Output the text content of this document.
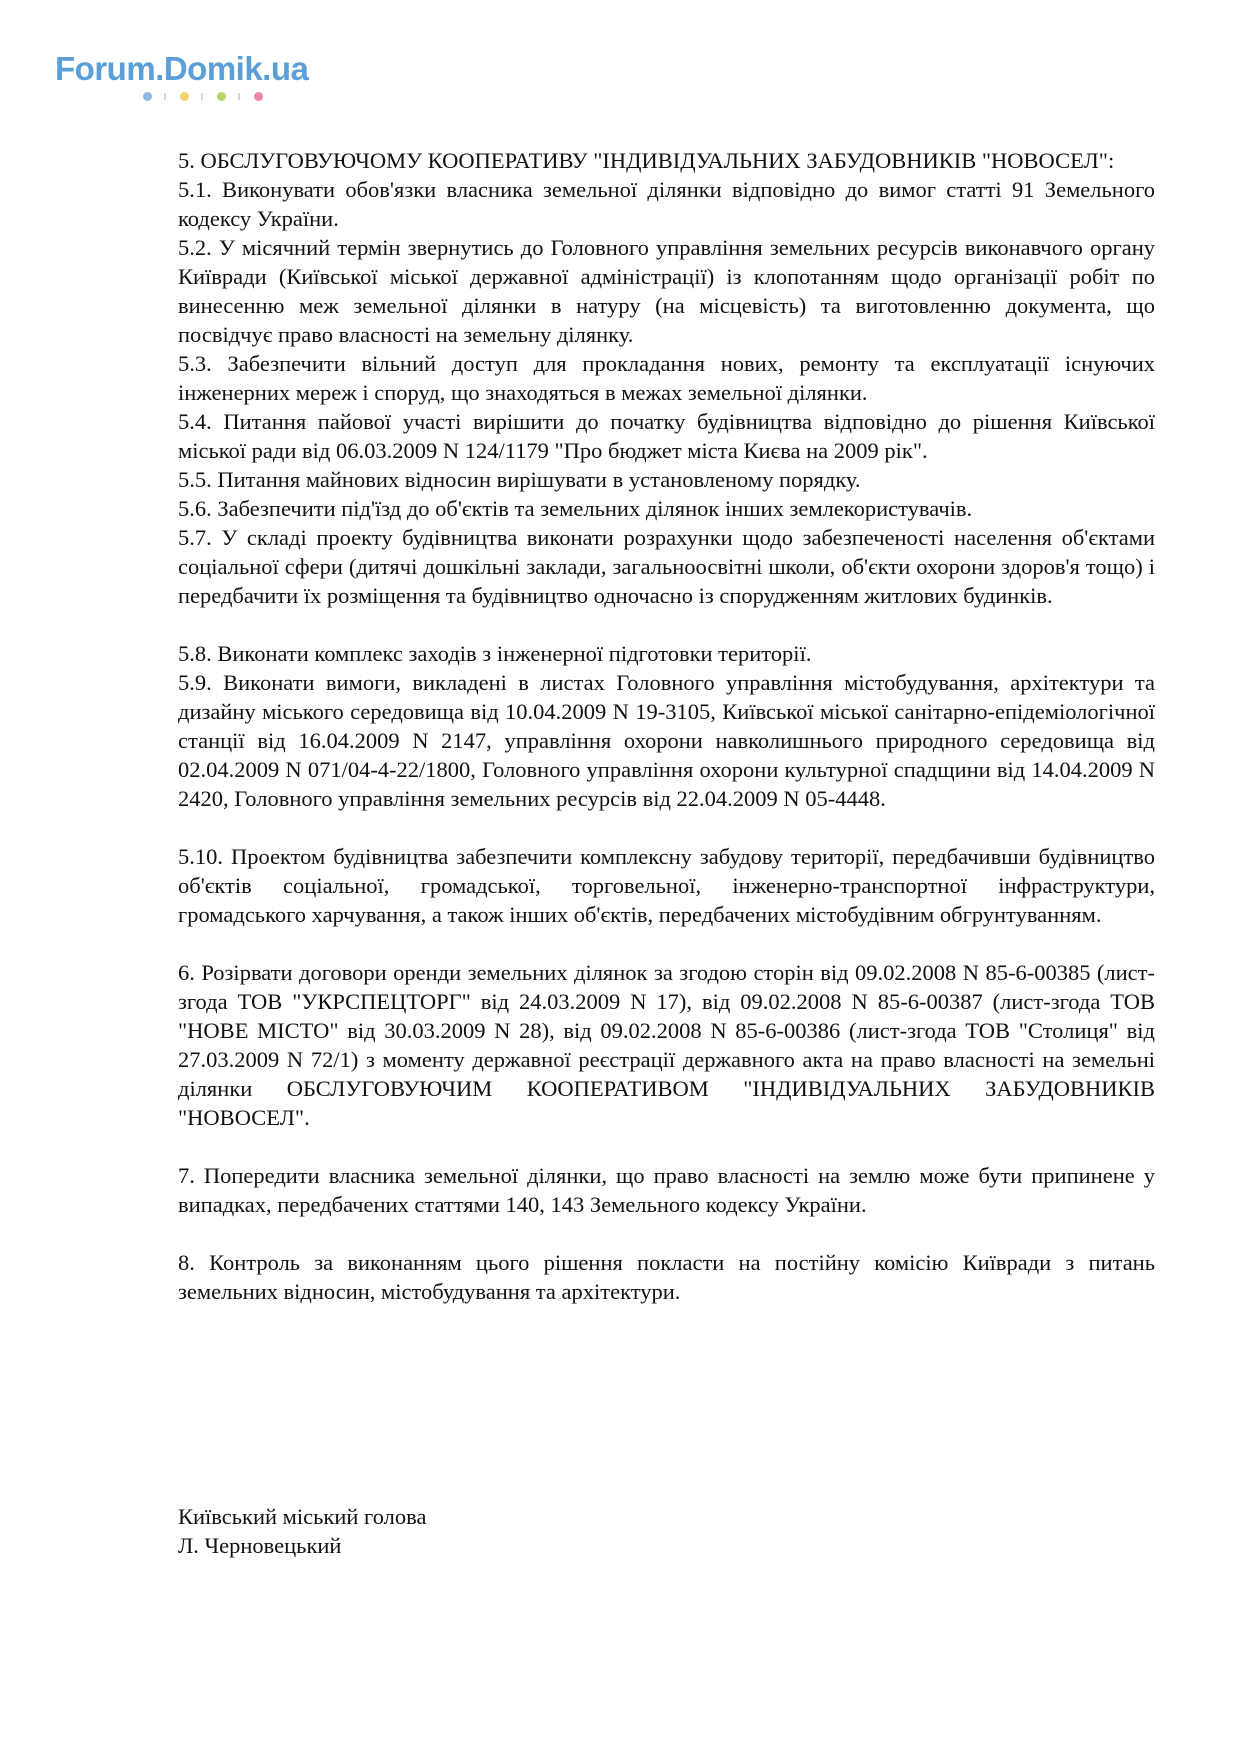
Forum.Domik.ua

5. ОБСЛУГОВУЮЧОМУ КООПЕРАТИВУ "ІНДИВІДУАЛЬНИХ ЗАБУДОВНИКІВ "НОВОСЕЛ":

5.1. Виконувати обов'язки власника земельної ділянки відповідно до вимог статті 91 Земельного кодексу України.

5.2. У місячний термін звернутись до Головного управління земельних ресурсів виконавчого органу Київради (Київської міської державної адміністрації) із клопотанням щодо організації робіт по винесенню меж земельної ділянки в натуру (на місцевість) та виготовленню документа, що посвідчує право власності на земельну ділянку.

5.3. Забезпечити вільний доступ для прокладання нових, ремонту та експлуатації існуючих інженерних мереж і споруд, що знаходяться в межах земельної ділянки.

5.4. Питання пайової участі вирішити до початку будівництва відповідно до рішення Київської міської ради від 06.03.2009 N 124/1179 "Про бюджет міста Києва на 2009 рік".

5.5. Питання майнових відносин вирішувати в установленому порядку.

5.6. Забезпечити під'їзд до об'єктів та земельних ділянок інших землекористувачів.

5.7. У складі проекту будівництва виконати розрахунки щодо забезпеченості населення об'єктами соціальної сфери (дитячі дошкільні заклади, загальноосвітні школи, об'єкти охорони здоров'я тощо) і передбачити їх розміщення та будівництво одночасно із спорудженням житлових будинків.

5.8. Виконати комплекс заходів з інженерної підготовки території.

5.9. Виконати вимоги, викладені в листах Головного управління містобудування, архітектури та дизайну міського середовища від 10.04.2009 N 19-3105, Київської міської санітарно-епідеміологічної станції від 16.04.2009 N 2147, управління охорони навколишнього природного середовища від 02.04.2009 N 071/04-4-22/1800, Головного управління охорони культурної спадщини від 14.04.2009 N 2420, Головного управління земельних ресурсів від 22.04.2009 N 05-4448.

5.10. Проектом будівництва забезпечити комплексну забудову території, передбачивши будівництво об'єктів соціальної, громадської, торговельної, інженерно-транспортної інфраструктури, громадського харчування, а також інших об'єктів, передбачених містобудівним обгрунтуванням.

6. Розірвати договори оренди земельних ділянок за згодою сторін від 09.02.2008 N 85-6-00385 (лист-згода ТОВ "УКРСПЕЦТОРГ" від 24.03.2009 N 17), від 09.02.2008 N 85-6-00387 (лист-згода ТОВ "НОВЕ МІСТО" від 30.03.2009 N 28), від 09.02.2008 N 85-6-00386 (лист-згода ТОВ "Столиця" від 27.03.2009 N 72/1) з моменту державної реєстрації державного акта на право власності на земельні ділянки ОБСЛУГОВУЮЧИМ КООПЕРАТИВОМ "ІНДИВІДУАЛЬНИХ ЗАБУДОВНИКІВ "НОВОСЕЛ".

7. Попередити власника земельної ділянки, що право власності на землю може бути припинене у випадках, передбачених статтями 140, 143 Земельного кодексу України.

8. Контроль за виконанням цього рішення покласти на постійну комісію Київради з питань земельних відносин, містобудування та архітектури.

Київський міський голова
Л. Черновецький
